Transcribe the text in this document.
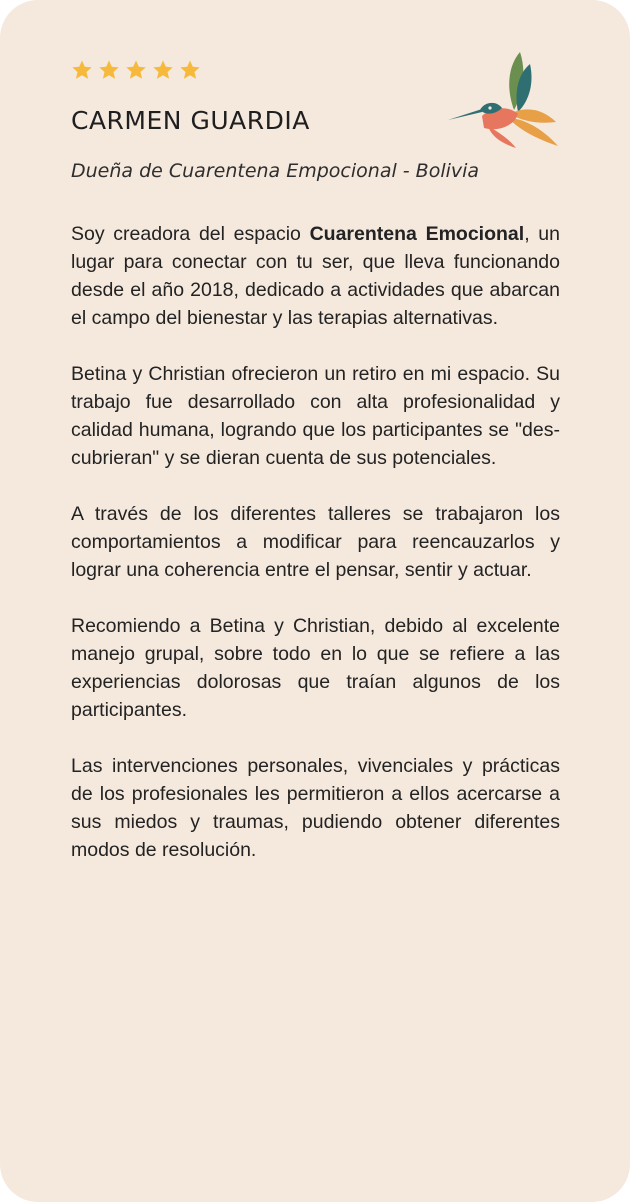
CARMEN GUARDIA

Dueña de Cuarentena Empocional - Bolivia

Soy creadora del espacio Cuarentena Emocional, un lugar para conectar con tu ser, que lleva funcionando desde el año 2018, dedicado a actividades que abarcan el campo del bienestar y las terapias alternativas.

Betina y Christian ofrecieron un retiro en mi espacio. Su trabajo fue desarrollado con alta profesionalidad y calidad humana, logrando que los participantes se "des-cubrieran" y se dieran cuenta de sus potenciales.

A través de los diferentes talleres se trabajaron los comportamientos a modificar para reencauzarlos y lograr una coherencia entre el pensar, sentir y actuar.

Recomiendo a Betina y Christian, debido al excelente manejo grupal, sobre todo en lo que se refiere a las experiencias dolorosas que traían algunos de los participantes.

Las intervenciones personales, vivenciales y prácticas de los profesionales les permitieron a ellos acercarse a sus miedos y traumas, pudiendo obtener diferentes modos de resolución.
